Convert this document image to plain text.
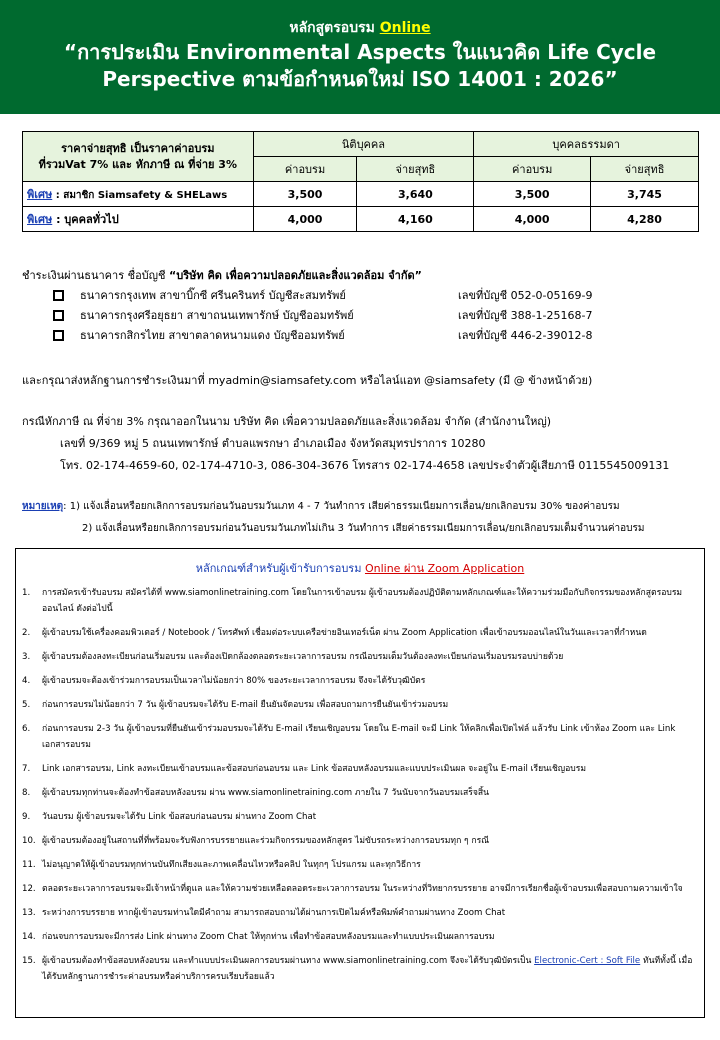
หลักสูตรอบรม Online
“การประเมิน Environmental Aspects ในแนวคิด Life Cycle Perspective ตามข้อกำหนดใหม่ ISO 14001 : 2026”
ราคาจ่ายสุทธิ เป็นราคาค่าอบรม
ที่รวมVat 7% และ หักภาษี ณ ที่จ่าย 3%	นิติบุคคล		บุคคลธรรมดา	
	ค่าอบรม	จ่ายสุทธิ	ค่าอบรม	จ่ายสุทธิ
พิเศษ : สมาชิก Siamsafety & SHELaws	3,500	3,640	3,500	3,745
พิเศษ : บุคคลทั่วไป	4,000	4,160	4,000	4,280
ชำระเงินผ่านธนาคาร ชื่อบัญชี “บริษัท คิด เพื่อความปลอดภัยและสิ่งแวดล้อม จำกัด”
ธนาคารกรุงเทพ สาขาบิ๊กซี ศรีนครินทร์ บัญชีสะสมทรัพย์	เลขที่บัญชี 052-0-05169-9
ธนาคารกรุงศรีอยุธยา สาขาถนนเทพารักษ์ บัญชีออมทรัพย์	เลขที่บัญชี 388-1-25168-7
ธนาคารกสิกรไทย สาขาตลาดหนามแดง บัญชีออมทรัพย์	เลขที่บัญชี 446-2-39012-8
และกรุณาส่งหลักฐานการชำระเงินมาที่ myadmin@siamsafety.com หรือไลน์แอท @siamsafety (มี @ ข้างหน้าด้วย)
กรณีหักภาษี ณ ที่จ่าย 3% กรุณาออกในนาม บริษัท คิด เพื่อความปลอดภัยและสิ่งแวดล้อม จำกัด (สำนักงานใหญ่)
เลขที่ 9/369 หมู่ 5 ถนนเทพารักษ์ ตำบลแพรกษา อำเภอเมือง จังหวัดสมุทรปราการ 10280
โทร. 02-174-4659-60, 02-174-4710-3, 086-304-3676 โทรสาร 02-174-4658 เลขประจำตัวผู้เสียภาษี 0115545009131
หมายเหตุ: 1) แจ้งเลื่อนหรือยกเลิกการอบรมก่อนวันอบรมวันเภท 4 - 7 วันทำการ เสียค่าธรรมเนียมการเลื่อน/ยกเลิกอบรม 30% ของค่าอบรม
2) แจ้งเลื่อนหรือยกเลิกการอบรมก่อนวันอบรมวันเภทไม่เกิน 3 วันทำการ เสียค่าธรรมเนียมการเลื่อน/ยกเลิกอบรมเต็มจำนวนค่าอบรม
หลักเกณฑ์สำหรับผู้เข้ารับการอบรม Online ผ่าน Zoom Application
1. การสมัครเข้ารับอบรม สมัครได้ที่ www.siamonlinetraining.com โดยในการเข้าอบรม ผู้เข้าอบรมต้องปฏิบัติตามหลักเกณฑ์และให้ความร่วมมือกับกิจกรรมของหลักสูตรอบรมออนไลน์ ดังต่อไปนี้
2. ผู้เข้าอบรมใช้เครื่องคอมพิวเตอร์ / Notebook / โทรศัพท์ เชื่อมต่อระบบเครือข่ายอินเทอร์เน็ต ผ่าน Zoom Application เพื่อเข้าอบรมออนไลน์ในวันและเวลาที่กำหนด
3. ผู้เข้าอบรมต้องลงทะเบียนก่อนเริ่มอบรม และต้องเปิดกล้องตลอดระยะเวลาการอบรม กรณีอบรมเต็มวันต้องลงทะเบียนก่อนเริ่มอบรมรอบบ่ายด้วย
4. ผู้เข้าอบรมจะต้องเข้าร่วมการอบรมเป็นเวลาไม่น้อยกว่า 80% ของระยะเวลาการอบรม จึงจะได้รับวุฒิบัตร
5. ก่อนการอบรมไม่น้อยกว่า 7 วัน ผู้เข้าอบรมจะได้รับ E-mail ยืนยันจัดอบรม เพื่อสอบถามการยืนยันเข้าร่วมอบรม
6. ก่อนการอบรม 2-3 วัน ผู้เข้าอบรมที่ยืนยันเข้าร่วมอบรมจะได้รับ E-mail เรียนเชิญอบรม โดยใน E-mail จะมี Link ให้คลิกเพื่อเปิดไฟล์ แล้วรับ Link เข้าห้อง Zoom และ Link เอกสารอบรม
7. Link เอกสารอบรม, Link ลงทะเบียนเข้าอบรมและข้อสอบก่อนอบรม และ Link ข้อสอบหลังอบรมและแบบประเมินผล จะอยู่ใน E-mail เรียนเชิญอบรม
8. ผู้เข้าอบรมทุกท่านจะต้องทำข้อสอบหลังอบรม ผ่าน www.siamonlinetraining.com ภายใน 7 วันนับจากวันอบรมเสร็จสิ้น
9. วันอบรม ผู้เข้าอบรมจะได้รับ Link ข้อสอบก่อนอบรม ผ่านทาง Zoom Chat
10. ผู้เข้าอบรมต้องอยู่ในสถานที่ที่พร้อมจะรับฟังการบรรยายและร่วมกิจกรรมของหลักสูตร ไม่ขับรถระหว่างการอบรมทุก ๆ กรณี
11. ไม่อนุญาตให้ผู้เข้าอบรมทุกท่านบันทึกเสียงและภาพเคลื่อนไหวหรือคลิป ในทุกๆ โปรแกรม และทุกวิธีการ
12. ตลอดระยะเวลาการอบรมจะมีเจ้าหน้าที่ดูแล และให้ความช่วยเหลือตลอดระยะเวลาการอบรม ในระหว่างที่วิทยากรบรรยาย อาจมีการเรียกชื่อผู้เข้าอบรมเพื่อสอบถามความเข้าใจ
13. ระหว่างการบรรยาย หากผู้เข้าอบรมท่านใดมีคำถาม สามารถสอบถามได้ผ่านการเปิดไมค์หรือพิมพ์คำถามผ่านทาง Zoom Chat
14. ก่อนจบการอบรมจะมีการส่ง Link ผ่านทาง Zoom Chat ให้ทุกท่าน เพื่อทำข้อสอบหลังอบรมและทำแบบประเมินผลการอบรม
15. ผู้เข้าอบรมต้องทำข้อสอบหลังอบรม และทำแบบประเมินผลการอบรมผ่านทาง www.siamonlinetraining.com จึงจะได้รับวุฒิบัตรเป็น Electronic-Cert : Soft File ทันทีทั้งนี้ เมื่อได้รับหลักฐานการชำระค่าอบรมหรือค่าบริการครบเรียบร้อยแล้ว
